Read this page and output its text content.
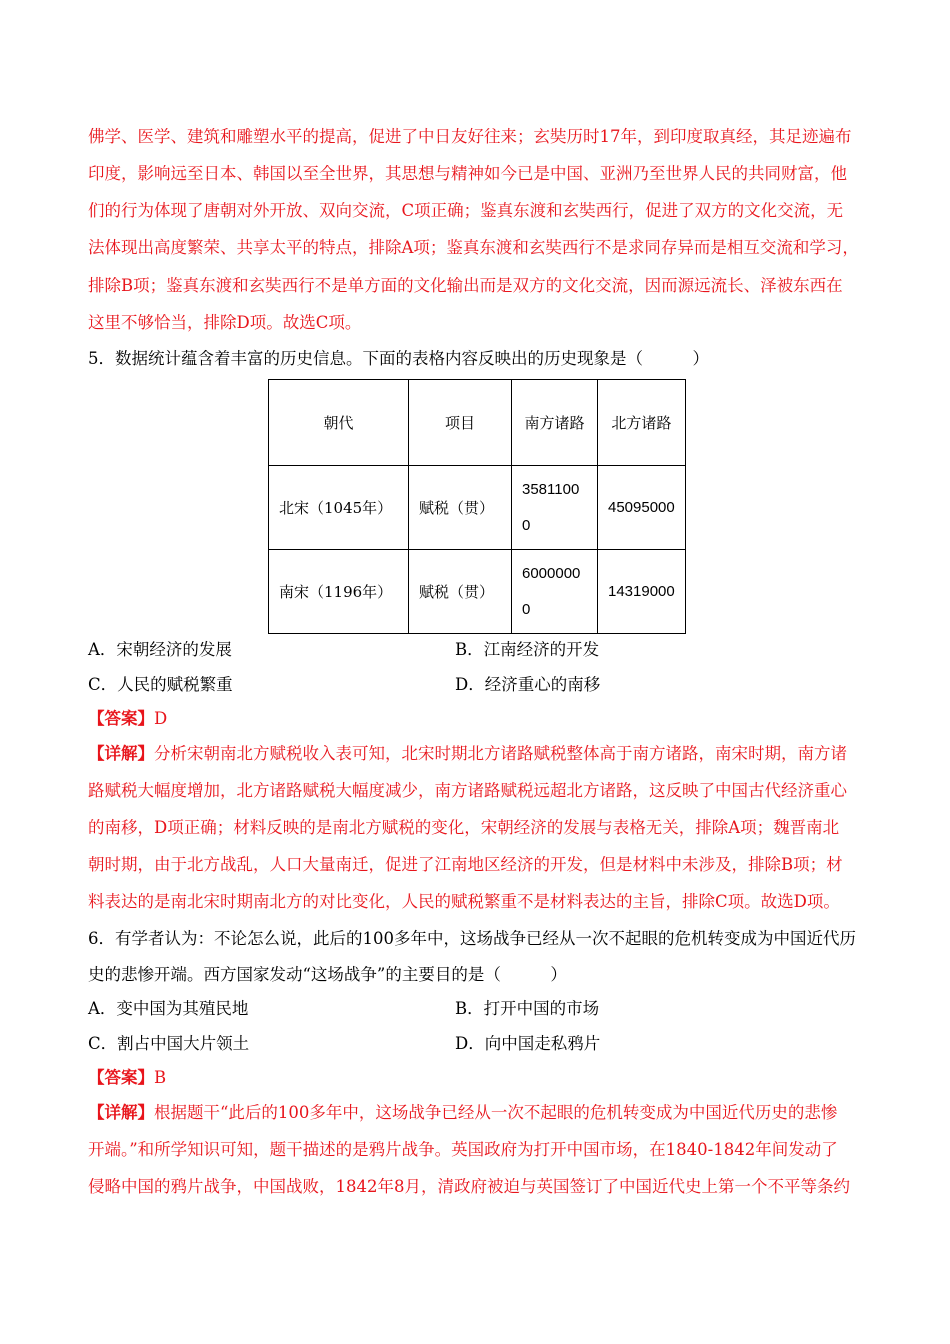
佛学、医学、建筑和雕塑水平的提高，促进了中日友好往来；玄奘历时17年，到印度取真经，其足迹遍布
印度，影响远至日本、韩国以至全世界，其思想与精神如今已是中国、亚洲乃至世界人民的共同财富，他
们的行为体现了唐朝对外开放、双向交流，C项正确；鉴真东渡和玄奘西行，促进了双方的文化交流，无
法体现出高度繁荣、共享太平的特点，排除A项；鉴真东渡和玄奘西行不是求同存异而是相互交流和学习，
排除B项；鉴真东渡和玄奘西行不是单方面的文化输出而是双方的文化交流，因而源远流长、泽被东西在
这里不够恰当，排除D项。故选C项。
5．数据统计蕴含着丰富的历史信息。下面的表格内容反映出的历史现象是（　　　）
朝代	项目	南方诸路	北方诸路
北宋（1045年）	赋税（贯）	35811000	45095000
南宋（1196年）	赋税（贯）	60000000	14319000
A．宋朝经济的发展	B．江南经济的开发
C．人民的赋税繁重	D．经济重心的南移
【答案】D
【详解】分析宋朝南北方赋税收入表可知，北宋时期北方诸路赋税整体高于南方诸路，南宋时期，南方诸
路赋税大幅度增加，北方诸路赋税大幅度减少，南方诸路赋税远超北方诸路，这反映了中国古代经济重心
的南移，D项正确；材料反映的是南北方赋税的变化，宋朝经济的发展与表格无关，排除A项；魏晋南北
朝时期，由于北方战乱，人口大量南迁，促进了江南地区经济的开发，但是材料中未涉及，排除B项；材
料表达的是南北宋时期南北方的对比变化，人民的赋税繁重不是材料表达的主旨，排除C项。故选D项。
6．有学者认为：不论怎么说，此后的100多年中，这场战争已经从一次不起眼的危机转变成为中国近代历
史的悲惨开端。西方国家发动“这场战争”的主要目的是（　　　）
A．变中国为其殖民地	B．打开中国的市场
C．割占中国大片领土	D．向中国走私鸦片
【答案】B
【详解】根据题干“此后的100多年中，这场战争已经从一次不起眼的危机转变成为中国近代历史的悲惨
开端。”和所学知识可知，题干描述的是鸦片战争。英国政府为打开中国市场，在1840-1842年间发动了
侵略中国的鸦片战争，中国战败，1842年8月，清政府被迫与英国签订了中国近代史上第一个不平等条约
